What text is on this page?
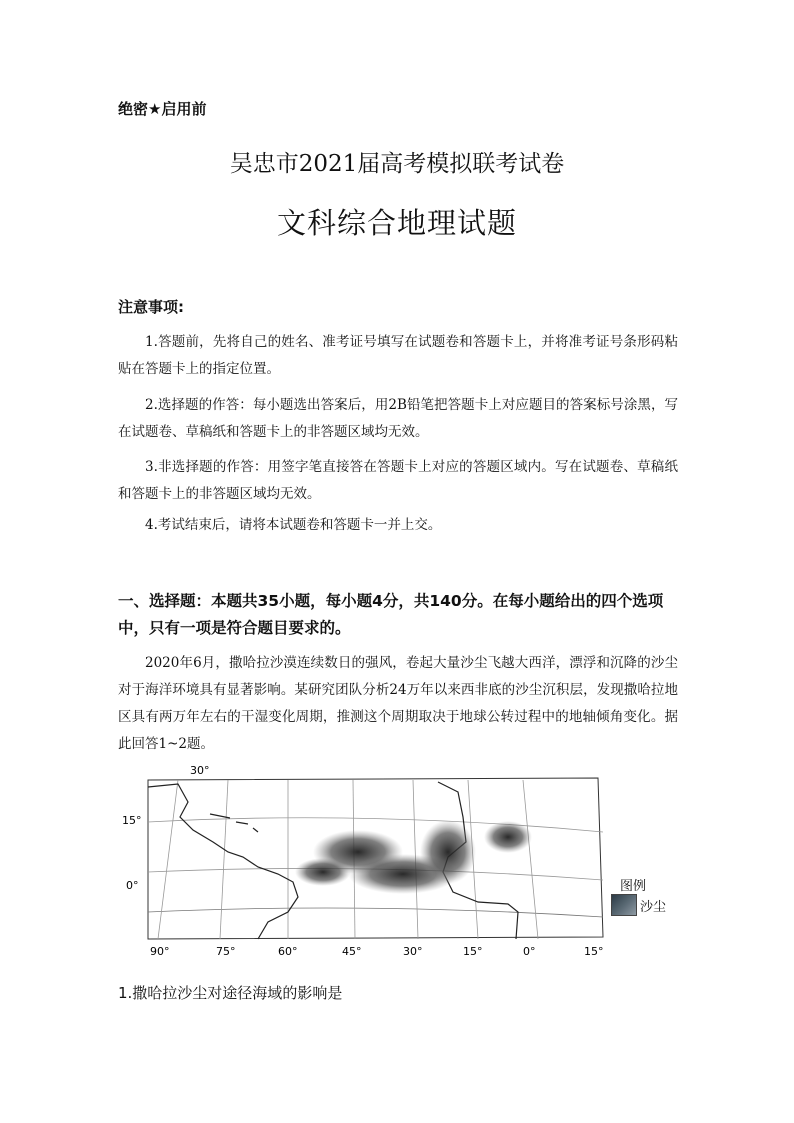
绝密★启用前
吴忠市2021届高考模拟联考试卷
文科综合地理试题
注意事项:
1.答题前，先将自己的姓名、准考证号填写在试题卷和答题卡上，并将准考证号条形码粘贴在答题卡上的指定位置。
2.选择题的作答：每小题选出答案后，用2B铅笔把答题卡上对应题目的答案标号涂黑，写在试题卷、草稿纸和答题卡上的非答题区域均无效。
3.非选择题的作答：用签字笔直接答在答题卡上对应的答题区域内。写在试题卷、草稿纸和答题卡上的非答题区域均无效。
4.考试结束后，请将本试题卷和答题卡一并上交。
一、选择题：本题共35小题，每小题4分，共140分。在每小题给出的四个选项中，只有一项是符合题目要求的。
2020年6月，撒哈拉沙漠连续数日的强风，卷起大量沙尘飞越大西洋，漂浮和沉降的沙尘对于海洋环境具有显著影响。某研究团队分析24万年以来西非底的沙尘沉积层，发现撒哈拉地区具有两万年左右的干湿变化周期，推测这个周期取决于地球公转过程中的地轴倾角变化。据此回答1~2题。
30°
15°
0°
90°	75°	60°	45°	30°	15°	0°	15°
图例
沙尘
1.撒哈拉沙尘对途径海域的影响是
